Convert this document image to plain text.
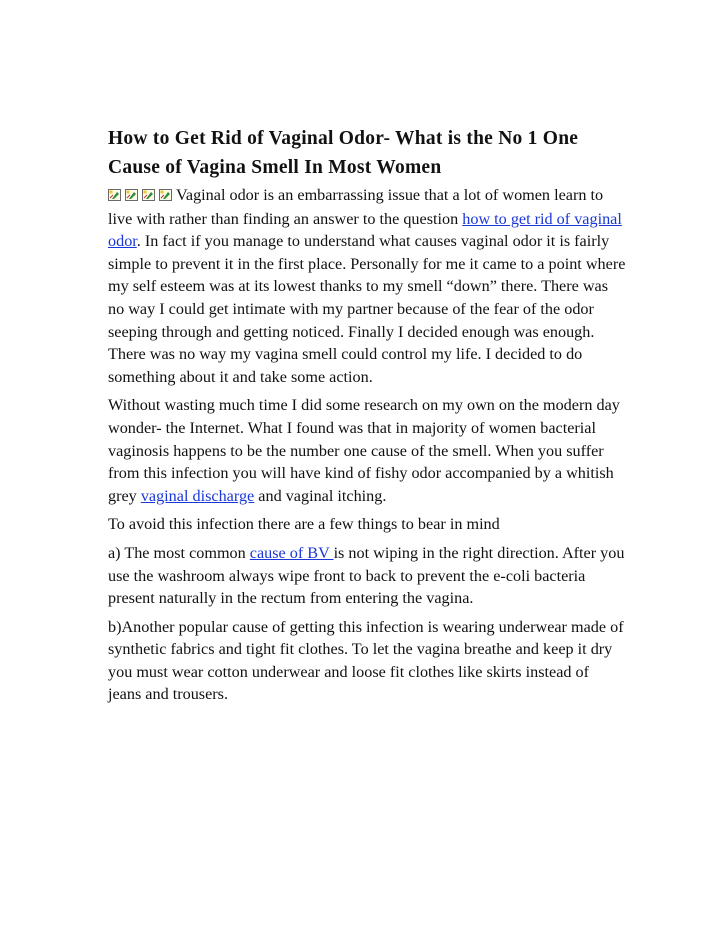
How to Get Rid of Vaginal Odor- What is the No 1 One Cause of Vagina Smell In Most Women

Vaginal odor is an embarrassing issue that a lot of women learn to live with rather than finding an answer to the question how to get rid of vaginal odor. In fact if you manage to understand what causes vaginal odor it is fairly simple to prevent it in the first place. Personally for me it came to a point where my self esteem was at its lowest thanks to my smell “down” there. There was no way I could get intimate with my partner because of the fear of the odor seeping through and getting noticed. Finally I decided enough was enough. There was no way my vagina smell could control my life. I decided to do something about it and take some action.

Without wasting much time I did some research on my own on the modern day wonder- the Internet. What I found was that in majority of women bacterial vaginosis happens to be the number one cause of the smell. When you suffer from this infection you will have kind of fishy odor accompanied by a whitish grey vaginal discharge and vaginal itching.

To avoid this infection there are a few things to bear in mind

a) The most common cause of BV is not wiping in the right direction. After you use the washroom always wipe front to back to prevent the e-coli bacteria present naturally in the rectum from entering the vagina.

b)Another popular cause of getting this infection is wearing underwear made of synthetic fabrics and tight fit clothes. To let the vagina breathe and keep it dry you must wear cotton underwear and loose fit clothes like skirts instead of jeans and trousers.
